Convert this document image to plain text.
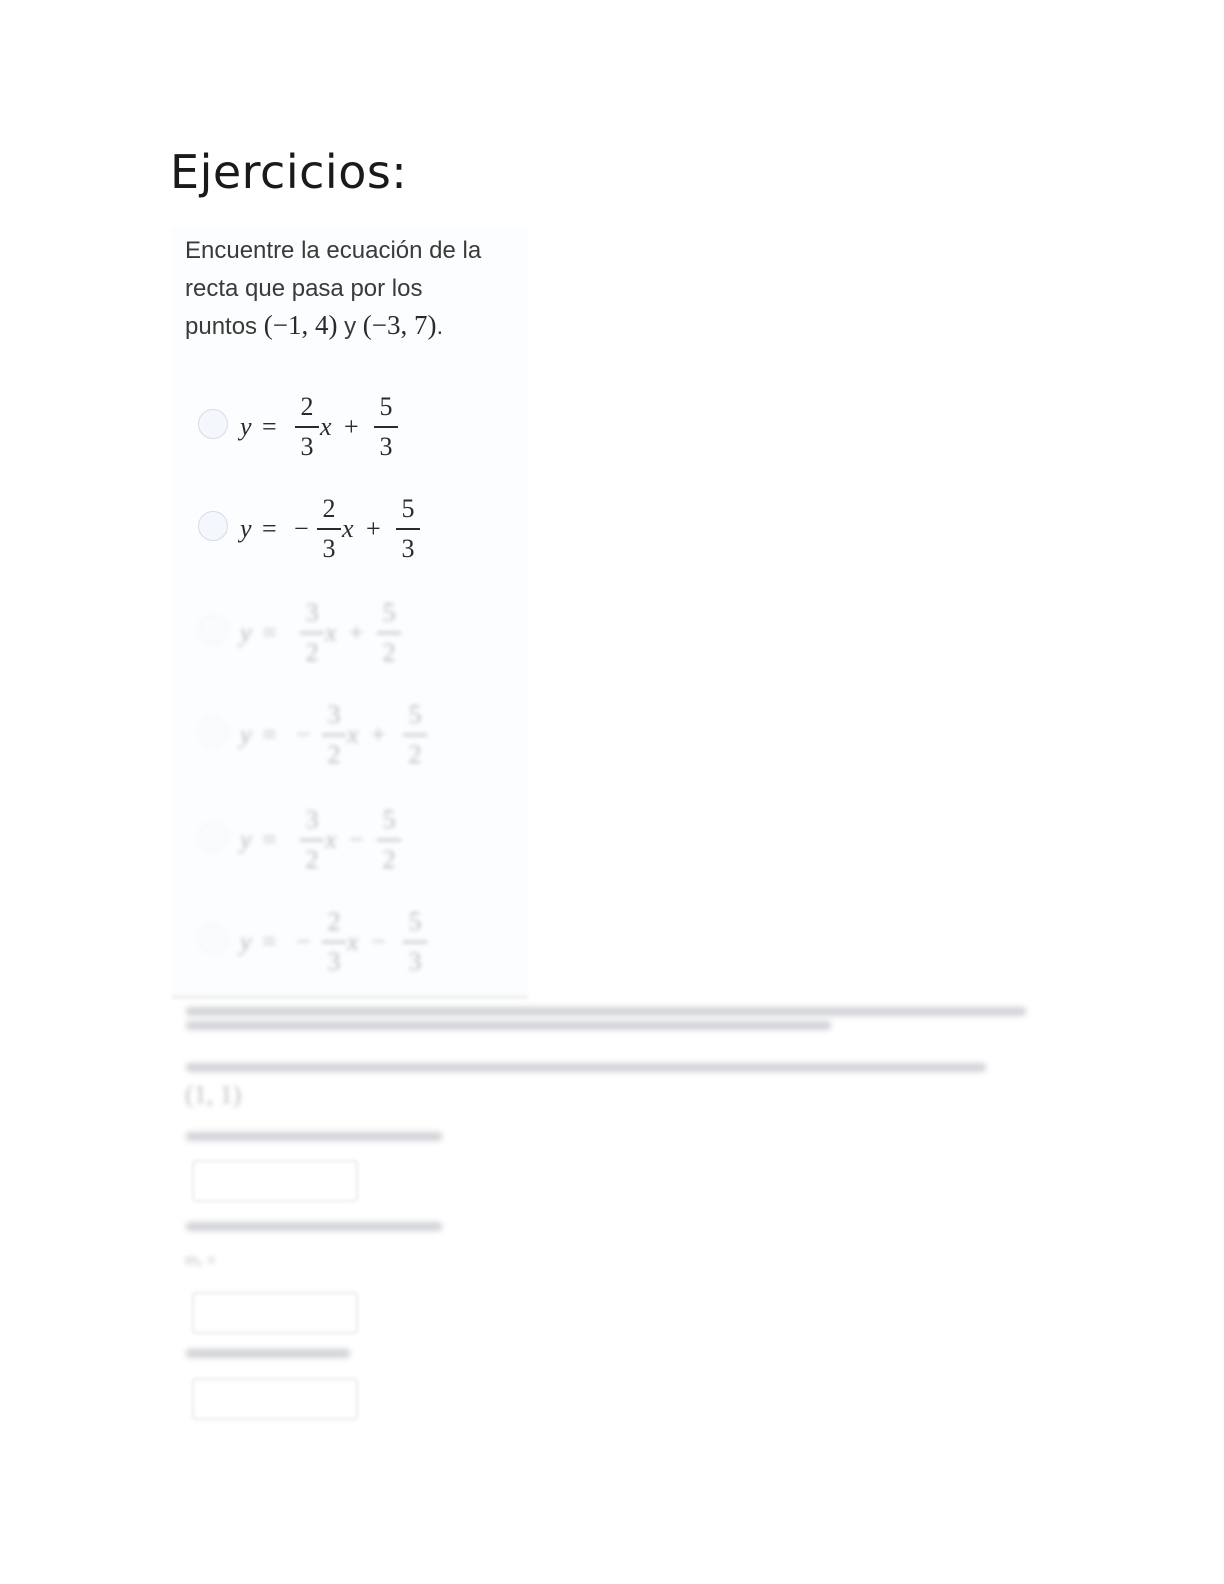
Ejercicios:

Encuentre la ecuación de la
recta que pasa por los
puntos (−1, 4) y (−3, 7).

y =
2
3
x +
5
3
y = −
2
3
x +
5
3
y =
3
2
x +
5
2
y = −
3
2
x +
5
2
y =
3
2
x −
5
2
y = −
2
3
x −
5
3
(1, 1)
m₁ =
